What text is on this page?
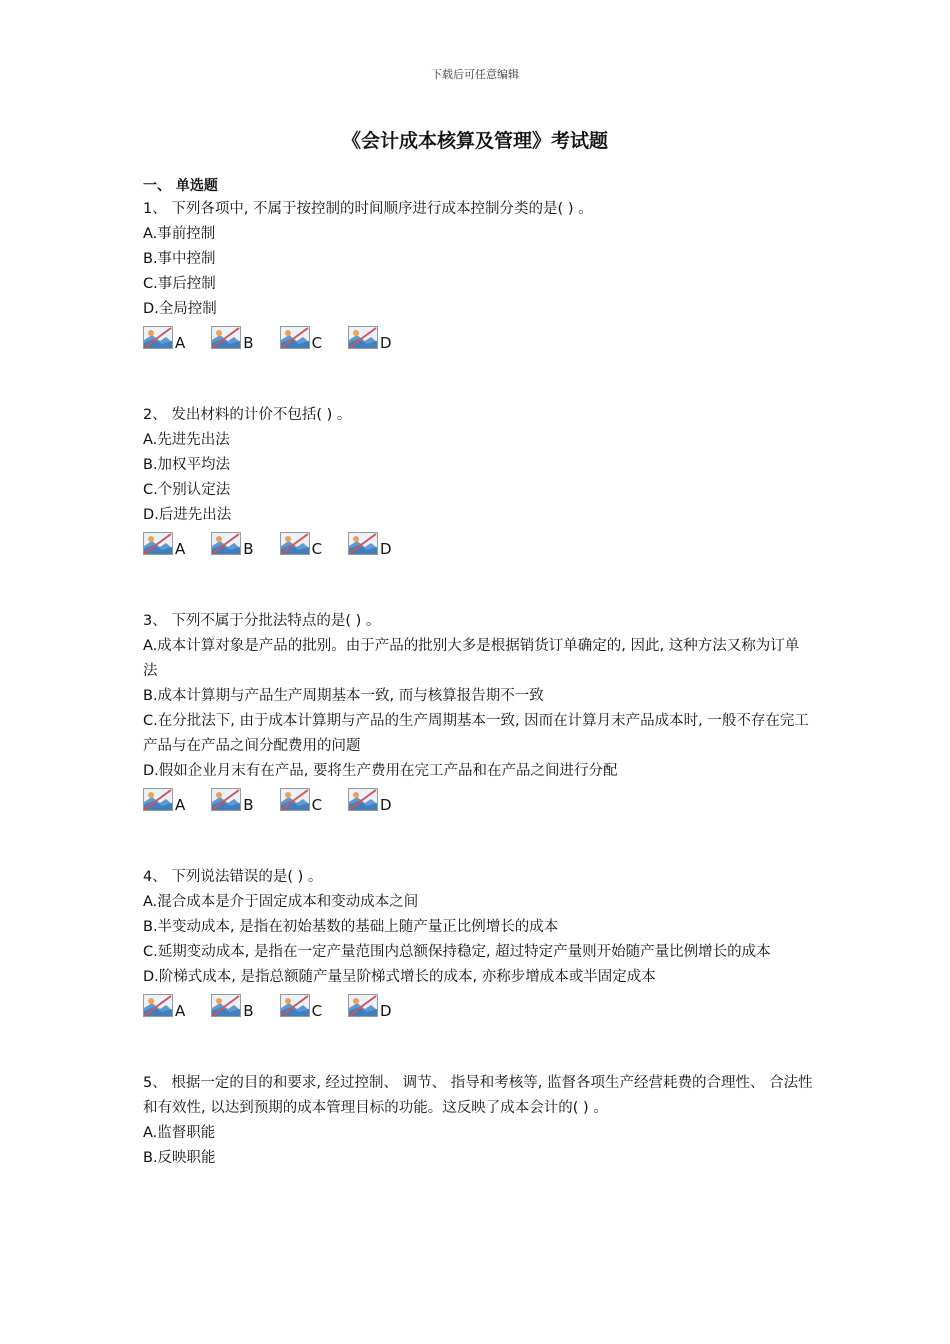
下载后可任意编辑
《会计成本核算及管理》考试题
一、 单选题
1、 下列各项中, 不属于按控制的时间顺序进行成本控制分类的是( ) 。
A.事前控制
B.事中控制
C.事后控制
D.全局控制
A	B	C	D
2、 发出材料的计价不包括( ) 。
A.先进先出法
B.加权平均法
C.个别认定法
D.后进先出法
A	B	C	D
3、 下列不属于分批法特点的是( ) 。
A.成本计算对象是产品的批别。由于产品的批别大多是根据销货订单确定的, 因此, 这种方法又称为订单法
B.成本计算期与产品生产周期基本一致, 而与核算报告期不一致
C.在分批法下, 由于成本计算期与产品的生产周期基本一致, 因而在计算月末产品成本时, 一般不存在完工产品与在产品之间分配费用的问题
D.假如企业月末有在产品, 要将生产费用在完工产品和在产品之间进行分配
A	B	C	D
4、 下列说法错误的是( ) 。
A.混合成本是介于固定成本和变动成本之间
B.半变动成本, 是指在初始基数的基础上随产量正比例增长的成本
C.延期变动成本, 是指在一定产量范围内总额保持稳定, 超过特定产量则开始随产量比例增长的成本
D.阶梯式成本, 是指总额随产量呈阶梯式增长的成本, 亦称步增成本或半固定成本
A	B	C	D
5、 根据一定的目的和要求, 经过控制、 调节、 指导和考核等, 监督各项生产经营耗费的合理性、 合法性和有效性, 以达到预期的成本管理目标的功能。这反映了成本会计的( ) 。
A.监督职能
B.反映职能
